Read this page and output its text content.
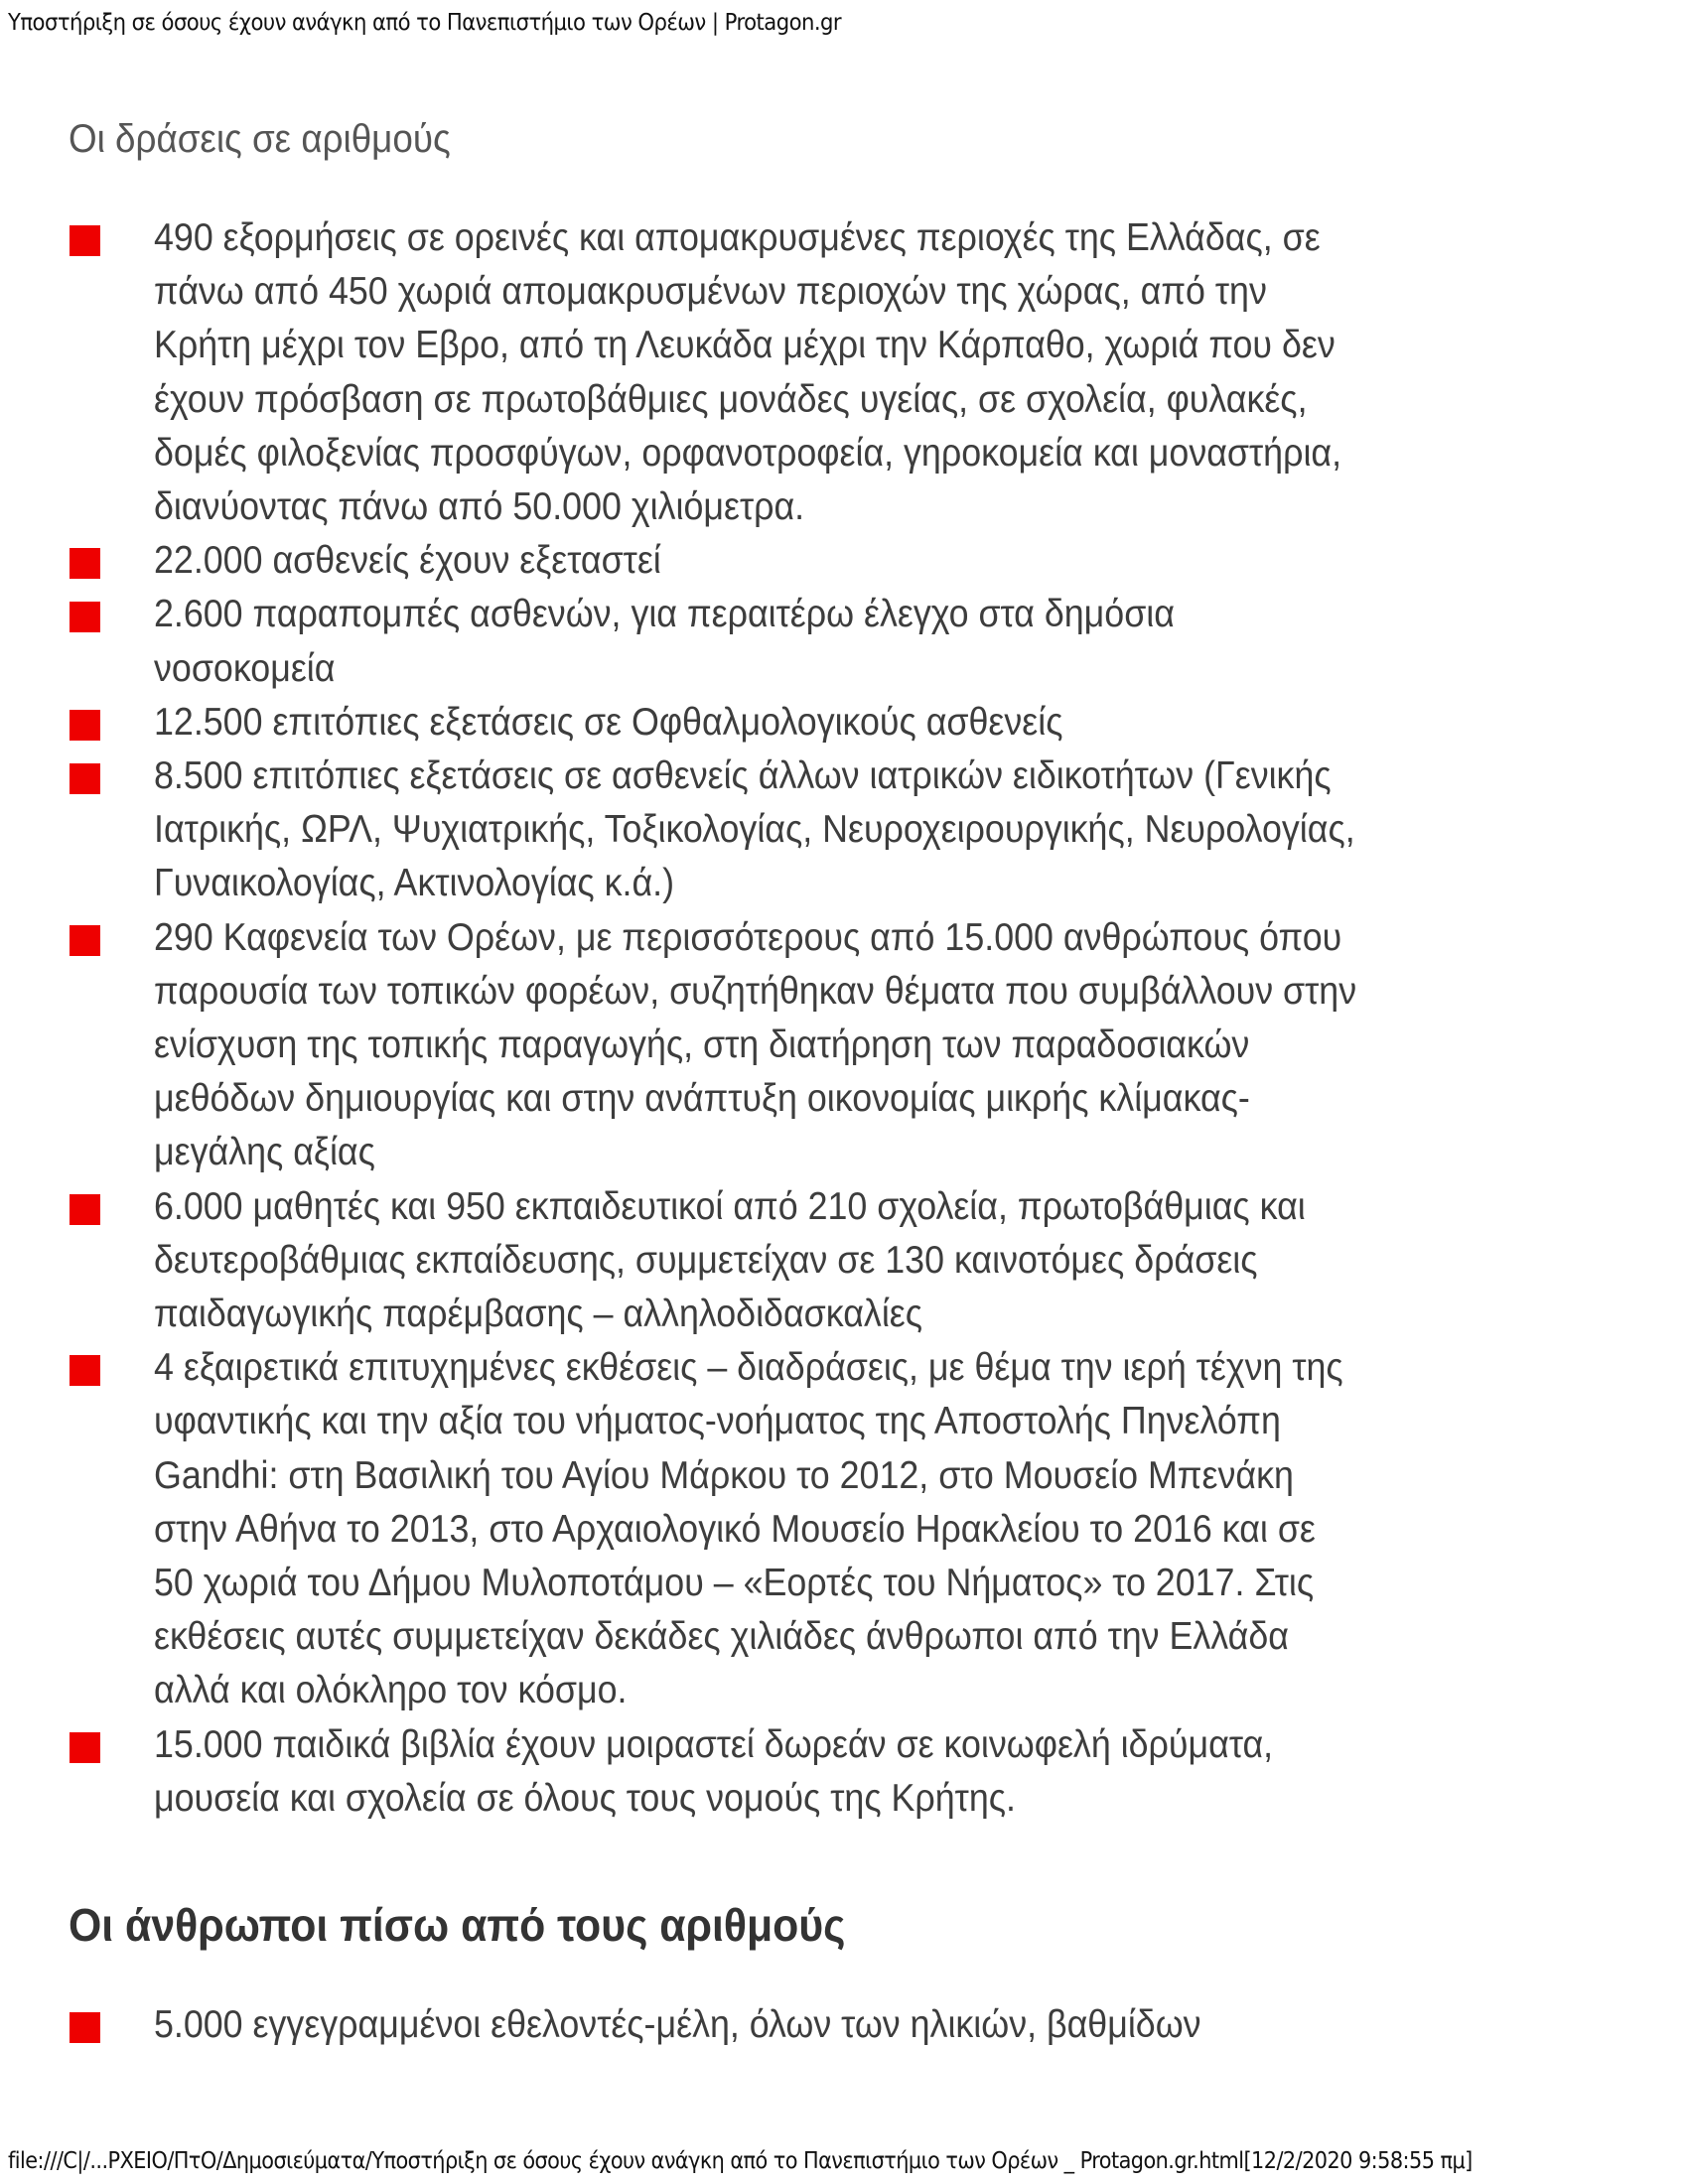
Υποστήριξη σε όσους έχουν ανάγκη από το Πανεπιστήμιο των Ορέων | Protagon.gr
Οι δράσεις σε αριθμούς
490 εξορμήσεις σε ορεινές και απομακρυσμένες περιοχές της Ελλάδας, σε
πάνω από 450 χωριά απομακρυσμένων περιοχών της χώρας, από την
Κρήτη μέχρι τον Εβρο, από τη Λευκάδα μέχρι την Κάρπαθο, χωριά που δεν
έχουν πρόσβαση σε πρωτοβάθμιες μονάδες υγείας, σε σχολεία, φυλακές,
δομές φιλοξενίας προσφύγων, ορφανοτροφεία, γηροκομεία και μοναστήρια,
διανύοντας πάνω από 50.000 χιλιόμετρα.
22.000 ασθενείς έχουν εξεταστεί
2.600 παραπομπές ασθενών, για περαιτέρω έλεγχο στα δημόσια
νοσοκομεία
12.500 επιτόπιες εξετάσεις σε Οφθαλμολογικούς ασθενείς
8.500 επιτόπιες εξετάσεις σε ασθενείς άλλων ιατρικών ειδικοτήτων (Γενικής
Ιατρικής, ΩΡΛ, Ψυχιατρικής, Τοξικολογίας, Νευροχειρουργικής, Νευρολογίας,
Γυναικολογίας, Ακτινολογίας κ.ά.)
290 Καφενεία των Ορέων, με περισσότερους από 15.000 ανθρώπους όπου
παρουσία των τοπικών φορέων, συζητήθηκαν θέματα που συμβάλλουν στην
ενίσχυση της τοπικής παραγωγής, στη διατήρηση των παραδοσιακών
μεθόδων δημιουργίας και στην ανάπτυξη οικονομίας μικρής κλίμακας-
μεγάλης αξίας
6.000 μαθητές και 950 εκπαιδευτικοί από 210 σχολεία, πρωτοβάθμιας και
δευτεροβάθμιας εκπαίδευσης, συμμετείχαν σε 130 καινοτόμες δράσεις
παιδαγωγικής παρέμβασης – αλληλοδιδασκαλίες
4 εξαιρετικά επιτυχημένες εκθέσεις – διαδράσεις, με θέμα την ιερή τέχνη της
υφαντικής και την αξία του νήματος-νοήματος της Αποστολής Πηνελόπη
Gandhi: στη Βασιλική του Αγίου Μάρκου το 2012, στο Μουσείο Μπενάκη
στην Αθήνα το 2013, στο Αρχαιολογικό Μουσείο Ηρακλείου το 2016 και σε
50 χωριά του Δήμου Μυλοποτάμου – «Εορτές του Νήματος» το 2017. Στις
εκθέσεις αυτές συμμετείχαν δεκάδες χιλιάδες άνθρωποι από την Ελλάδα
αλλά και ολόκληρο τον κόσμο.
15.000 παιδικά βιβλία έχουν μοιραστεί δωρεάν σε κοινωφελή ιδρύματα,
μουσεία και σχολεία σε όλους τους νομούς της Κρήτης.
Οι άνθρωποι πίσω από τους αριθμούς
5.000 εγγεγραμμένοι εθελοντές-μέλη, όλων των ηλικιών, βαθμίδων
file:///C|/...PXEIO/ΠτΟ/Δημοσιεύματα/Υποστήριξη σε όσους έχουν ανάγκη από το Πανεπιστήμιο των Ορέων _ Protagon.gr.html[12/2/2020 9:58:55 πμ]
